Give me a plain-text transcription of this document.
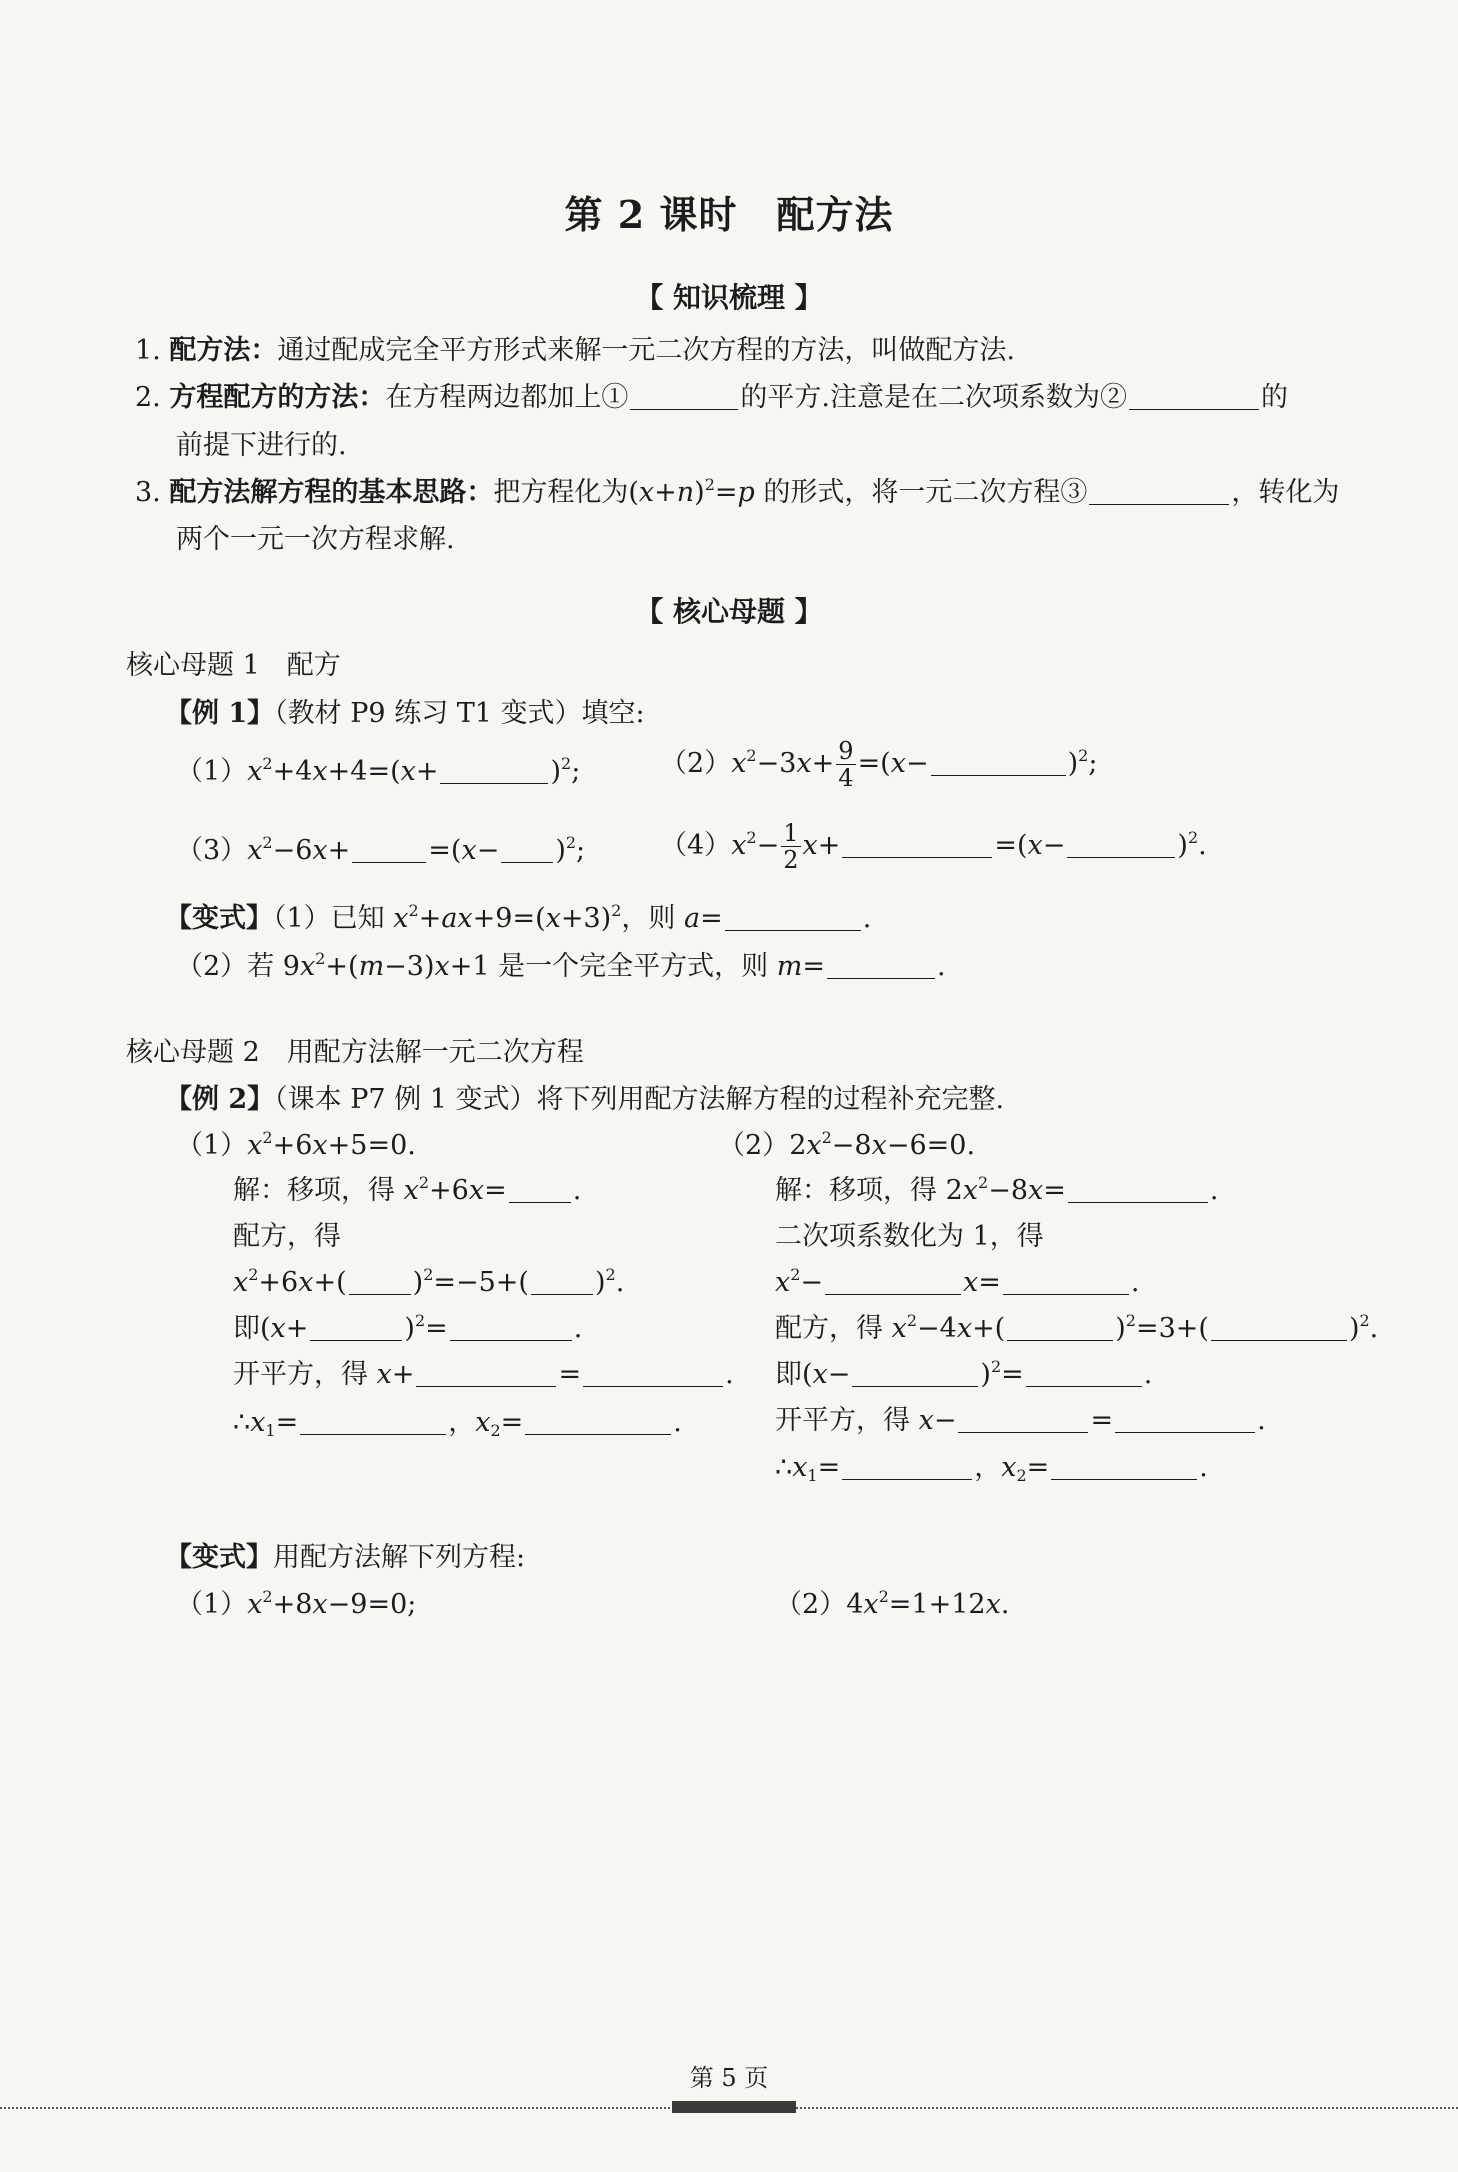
第 2 课时　配方法
【 知识梳理 】
1. 配方法：通过配成完全平方形式来解一元二次方程的方法，叫做配方法.
2. 方程配方的方法：在方程两边都加上①	的平方.注意是在二次项系数为②	的
前提下进行的.
3. 配方法解方程的基本思路：把方程化为$(x+n)^2=p$ 的形式，将一元二次方程③	，转化为
两个一元一次方程求解.
【 核心母题 】
核心母题 1　配方
【例 1】（教材 P9 练习 T1 变式）填空:
$(1)x^2+4x+4=(x+$	)$^2$;	$(2)x^2-3x+ \frac{9}{4} =(x-$	)$^2$;
$(3)x^2-6x+$	$=(x- )^2$;	$(4)x^2- \frac{1}{2} x+$	=(x−	)$^2$.
【变式】（1）已知 $x^2+ax+9=(x+3)^2$，则 a=	.
（2）若 $9x^2+(m-3)x+1$ 是一个完全平方式，则 m=	.
核心母题 2　用配方法解一元二次方程
【例 2】（课本 P7 例 1 变式）将下列用配方法解方程的过程补充完整.
$(1)x^2+6x+5=0$.
解：移项，得 $x^2+6x=$ .
配方，得
$x^2+6x+$( )$^2$=−5+( )$^2$.
即(x+	)$^2$=	.
开平方，得 x+	=	.
$\therefore x_1=$	，$x_2=$	.
$(2)2x^2-8x-6=0$.
解：移项，得 $2x^2-8x=$	.
二次项系数化为 1，得
$x^2-$	x=	.
配方，得 $x^2-4x+$(	)$^2$=3+(	)$^2$.
即(x−	)$^2$=	.
开平方，得 x−	=	.
$\therefore x_1=$	，$x_2=$	.
【变式】用配方法解下列方程:
$(1)x^2+8x-9=0$;	$(2)4x^2=1+12x$.
第 5 页
